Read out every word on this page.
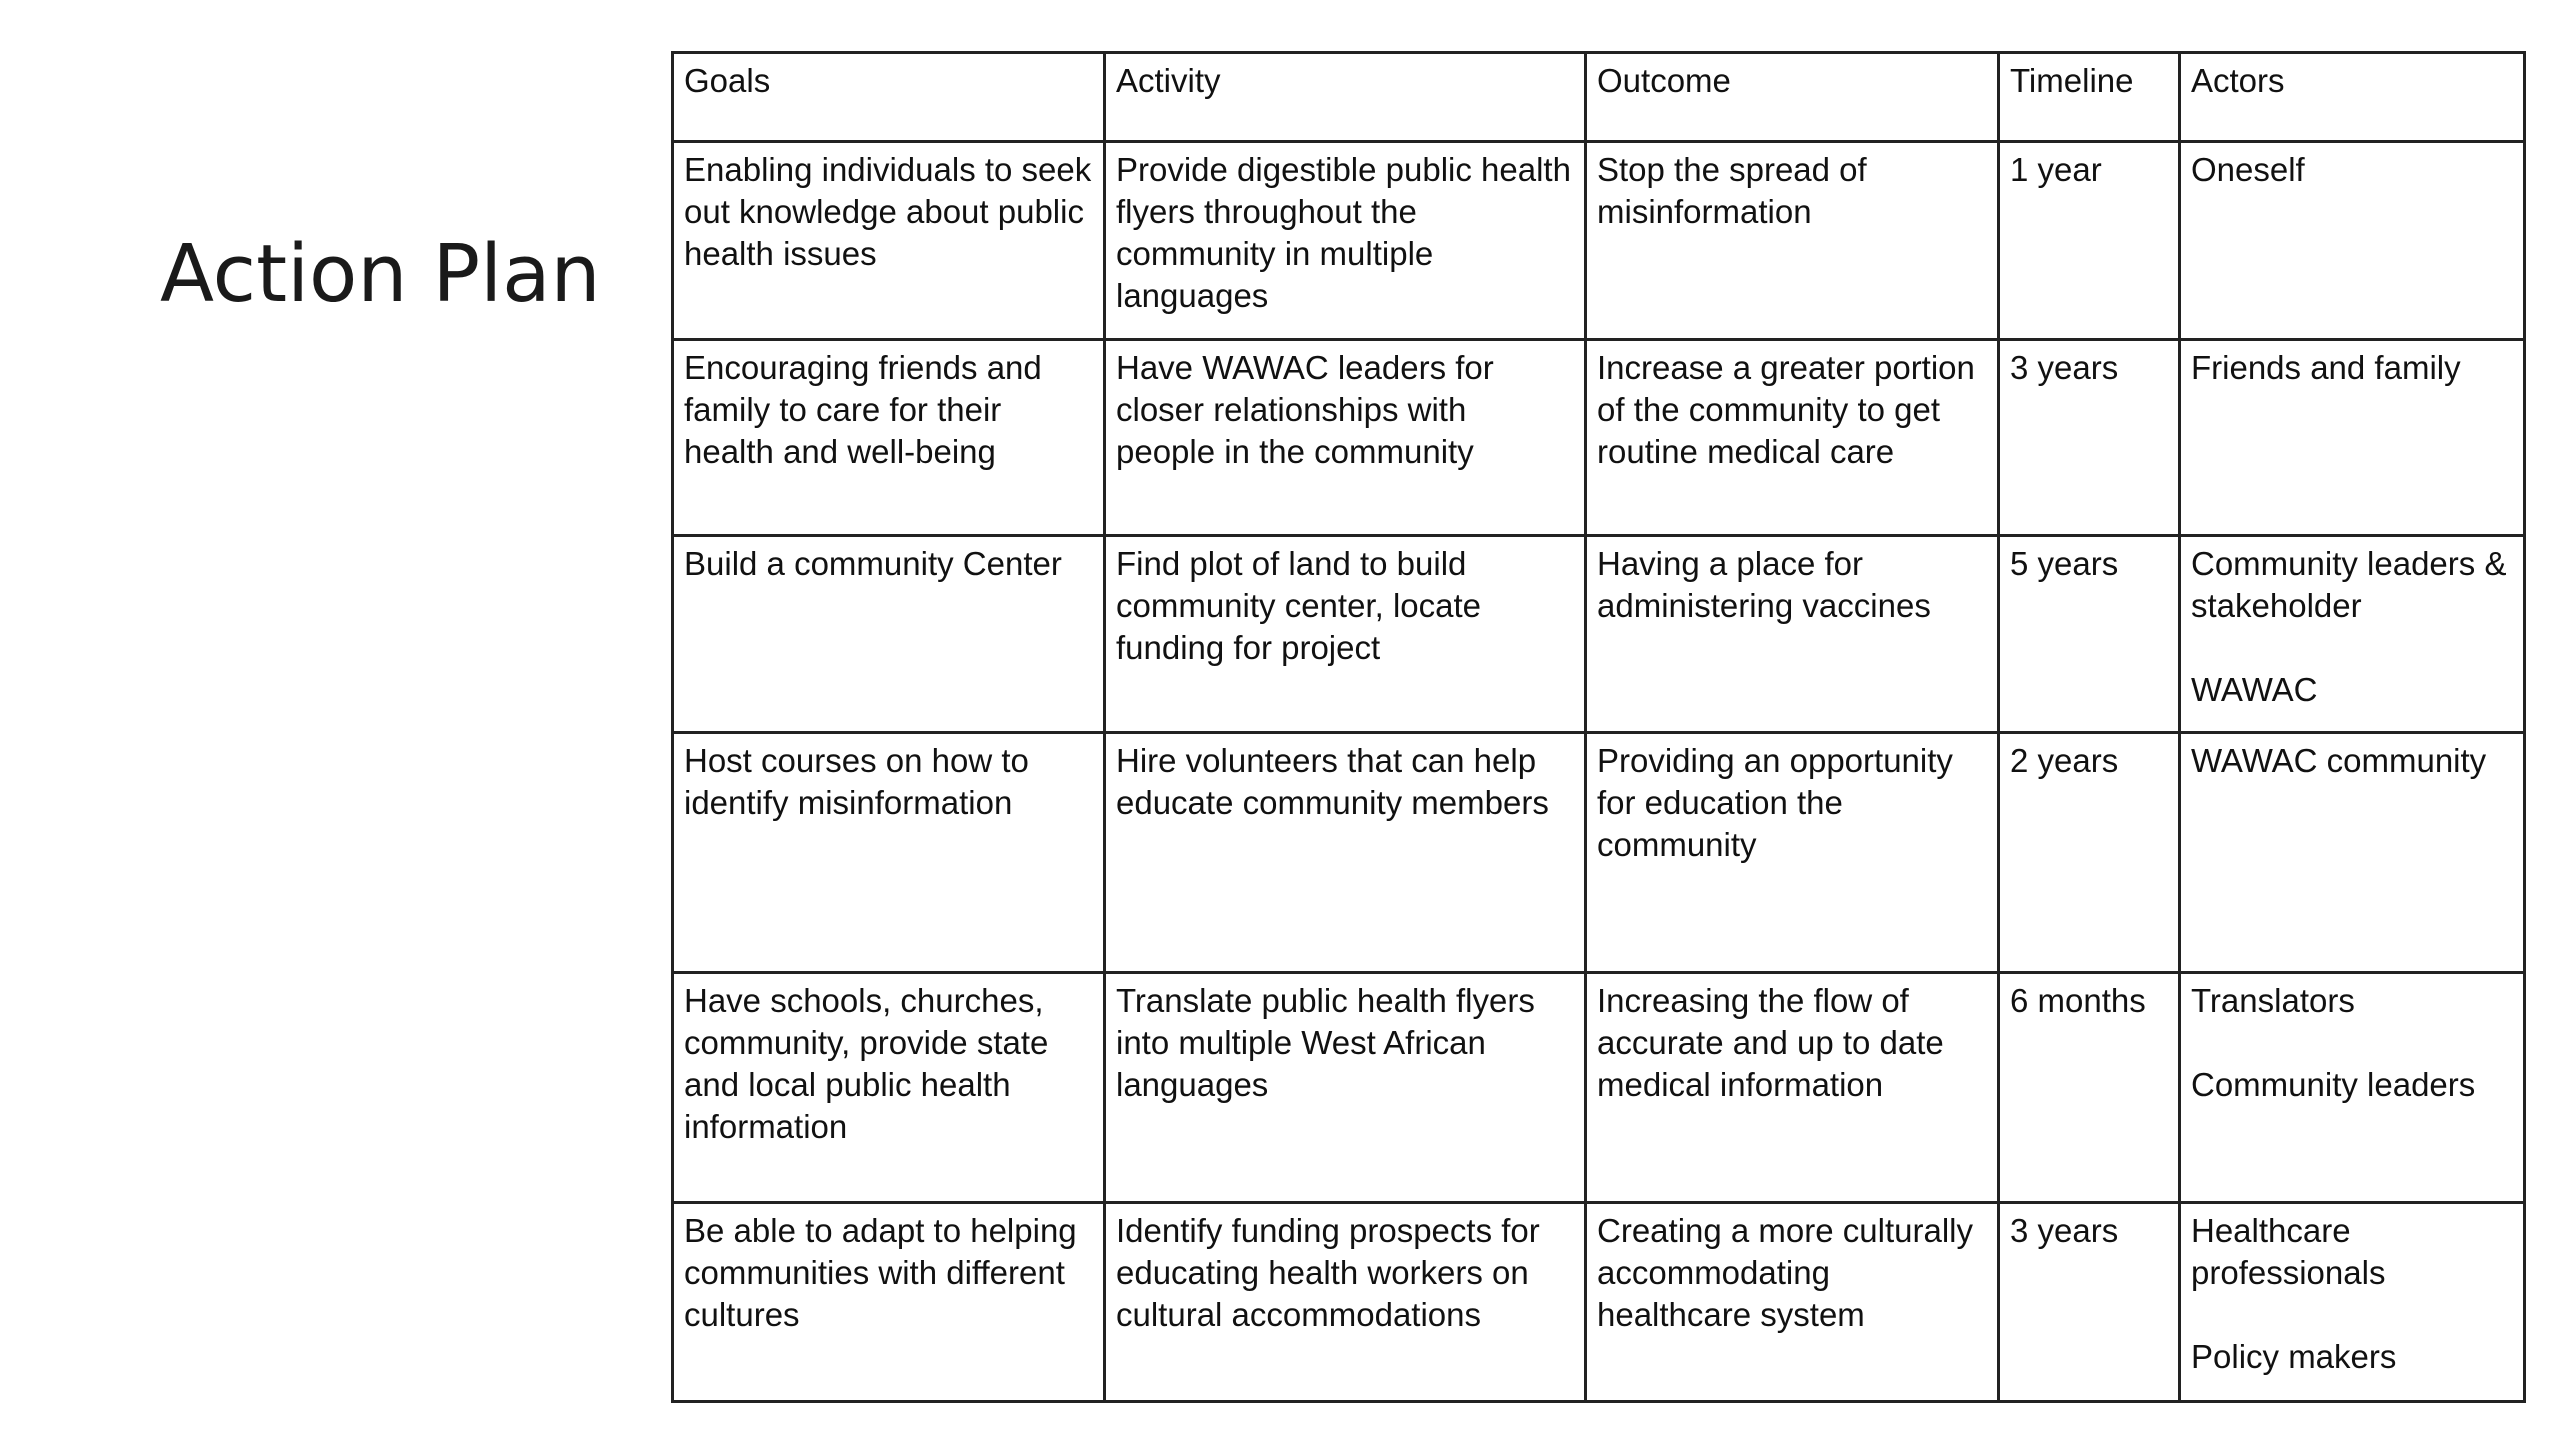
Action Plan
Goals	Activity	Outcome	Timeline	Actors
Enabling individuals to seek out knowledge about public health issues	Provide digestible public health flyers throughout the community in multiple languages	Stop the spread of misinformation	1 year	Oneself

Encouraging friends and family to care for their health and well-being	Have WAWAC leaders for closer relationships with people in the community	Increase a greater portion of the community to get routine medical care	3 years	Friends and family

Build a community Center	Find plot of land to build community center, locate funding for project	Having a place for administering vaccines	5 years	Community leaders & stakeholder
WAWAC

Host courses on how to identify misinformation	Hire volunteers that can help educate community members	Providing an opportunity for education the community	2 years	WAWAC community

Have schools, churches, community, provide state and local public health information	Translate public health flyers into multiple West African languages	Increasing the flow of accurate and up to date medical information	6 months	Translators
Community leaders

Be able to adapt to helping communities with different cultures	Identify funding prospects for educating health workers on cultural accommodations	Creating a more culturally accommodating healthcare system	3 years	Healthcare professionals
Policy makers
